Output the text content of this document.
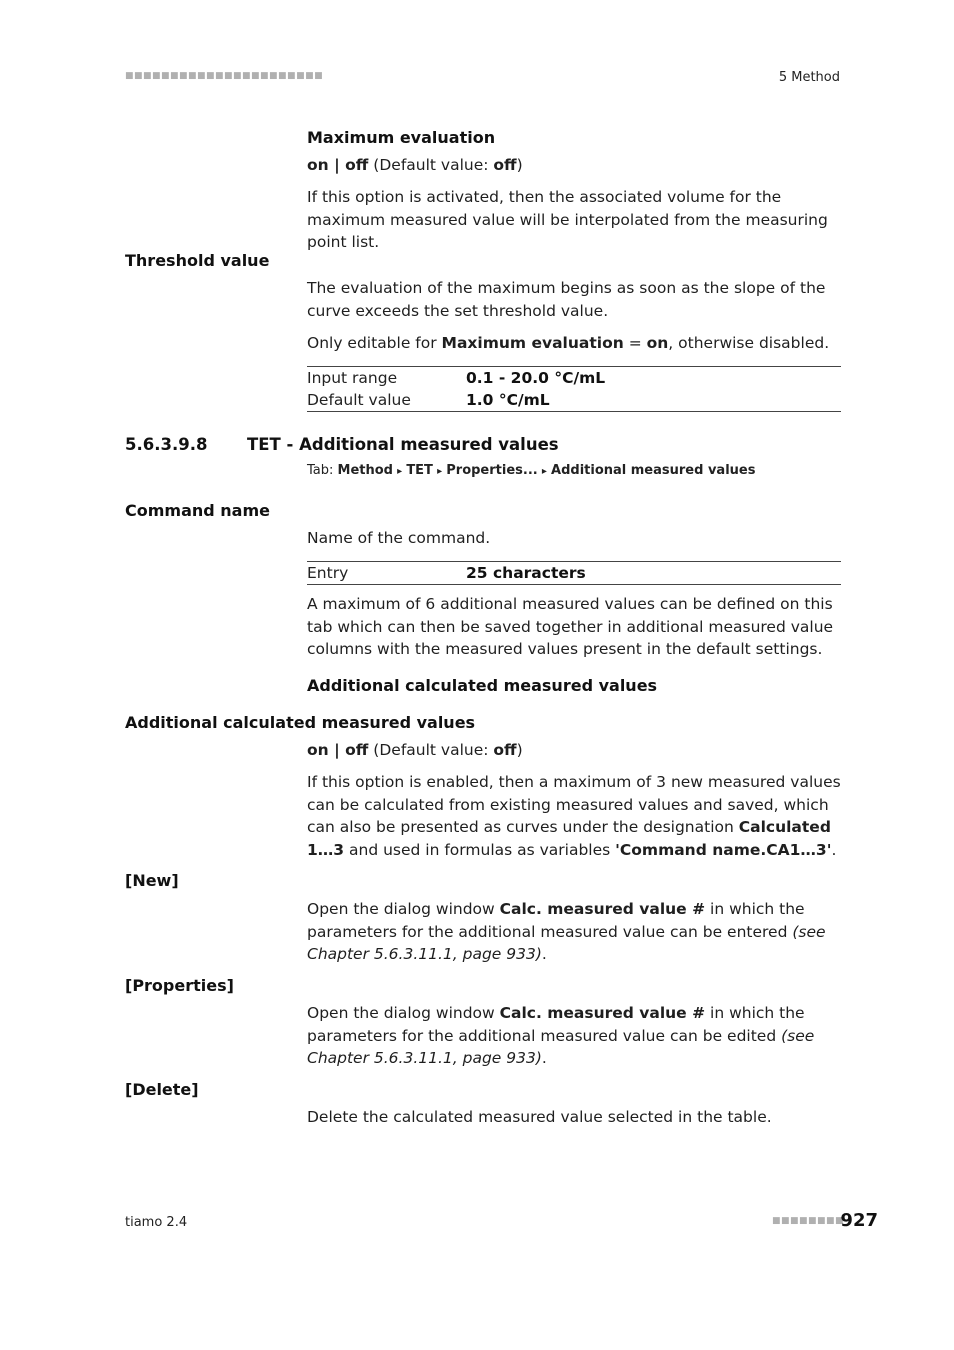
■■■■■■■■■■■■■■■■■■■■■■	5 Method
Maximum evaluation
on | off (Default value: off)
If this option is activated, then the associated volume for the maximum measured value will be interpolated from the measuring point list.
Threshold value
The evaluation of the maximum begins as soon as the slope of the curve exceeds the set threshold value.
Only editable for Maximum evaluation = on, otherwise disabled.
Input range	0.1 - 20.0 °C/mL
Default value	1.0 °C/mL
5.6.3.9.8 TET - Additional measured values
Tab: Method ▸ TET ▸ Properties... ▸ Additional measured values
Command name
Name of the command.
Entry	25 characters
A maximum of 6 additional measured values can be defined on this tab which can then be saved together in additional measured value columns with the measured values present in the default settings.
Additional calculated measured values
Additional calculated measured values
on | off (Default value: off)
If this option is enabled, then a maximum of 3 new measured values can be calculated from existing measured values and saved, which can also be presented as curves under the designation Calculated 1…3 and used in formulas as variables 'Command name.CA1…3'.
[New]
Open the dialog window Calc. measured value # in which the parameters for the additional measured value can be entered (see Chapter 5.6.3.11.1, page 933).
[Properties]
Open the dialog window Calc. measured value # in which the parameters for the additional measured value can be edited (see Chapter 5.6.3.11.1, page 933).
[Delete]
Delete the calculated measured value selected in the table.
tiamo 2.4	■■■■■■■■
927
